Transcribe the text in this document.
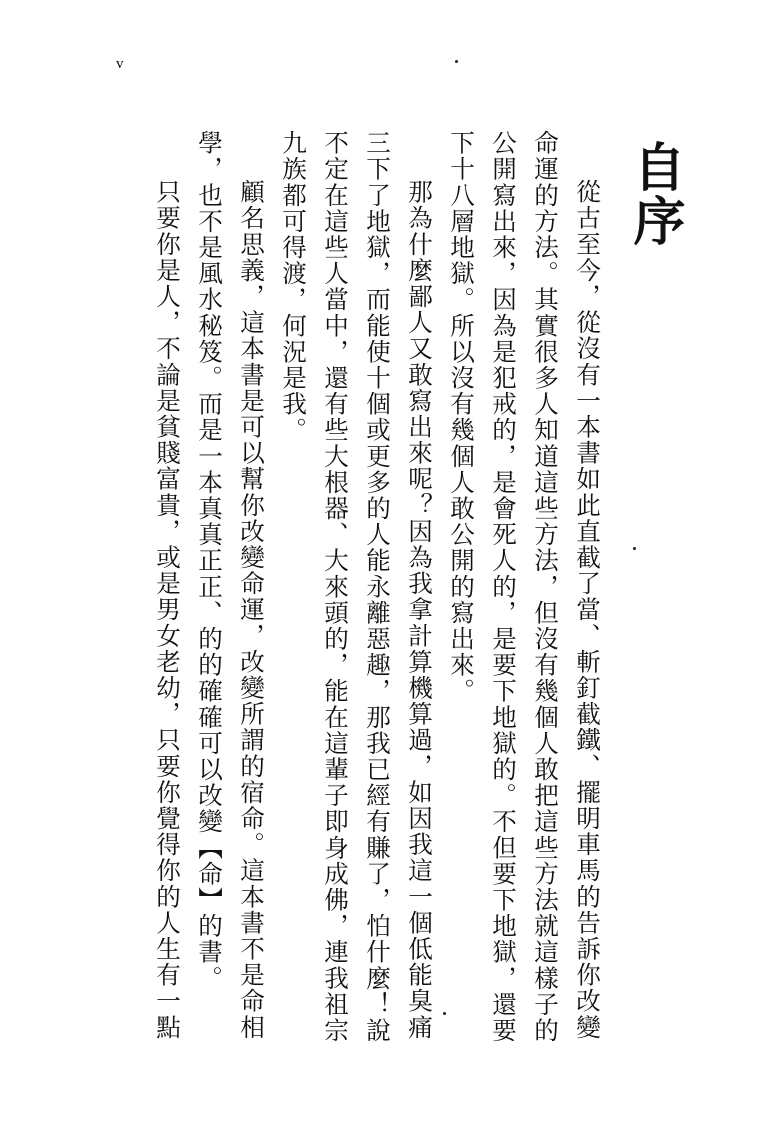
v
自序

從古至今，從沒有一本書如此直截了當、斬釘截鐵、擺明車馬的告訴你改變命運的方法。其實很多人知道這些方法，但沒有幾個人敢把這些方法就這樣子的公開寫出來，因為是犯戒的，是會死人的，是要下地獄的。不但要下地獄，還要下十八層地獄。所以沒有幾個人敢公開的寫出來。

那為什麼鄙人又敢寫出來呢？因為我拿計算機算過，如因我這一個低能臭痛三下了地獄，而能使十個或更多的人能永離惡趣，那我已經有賺了，怕什麼！說不定在這些人當中，還有些大根器、大來頭的，能在這輩子即身成佛，連我祖宗九族都可得渡，何況是我。

顧名思義，這本書是可以幫你改變命運，改變所謂的宿命。這本書不是命相學，也不是風水秘笈。而是一本真真正正、的的確確可以改變【命】的書。

只要你是人，不論是貧賤富貴，或是男女老幼，只要你覺得你的人生有一點
